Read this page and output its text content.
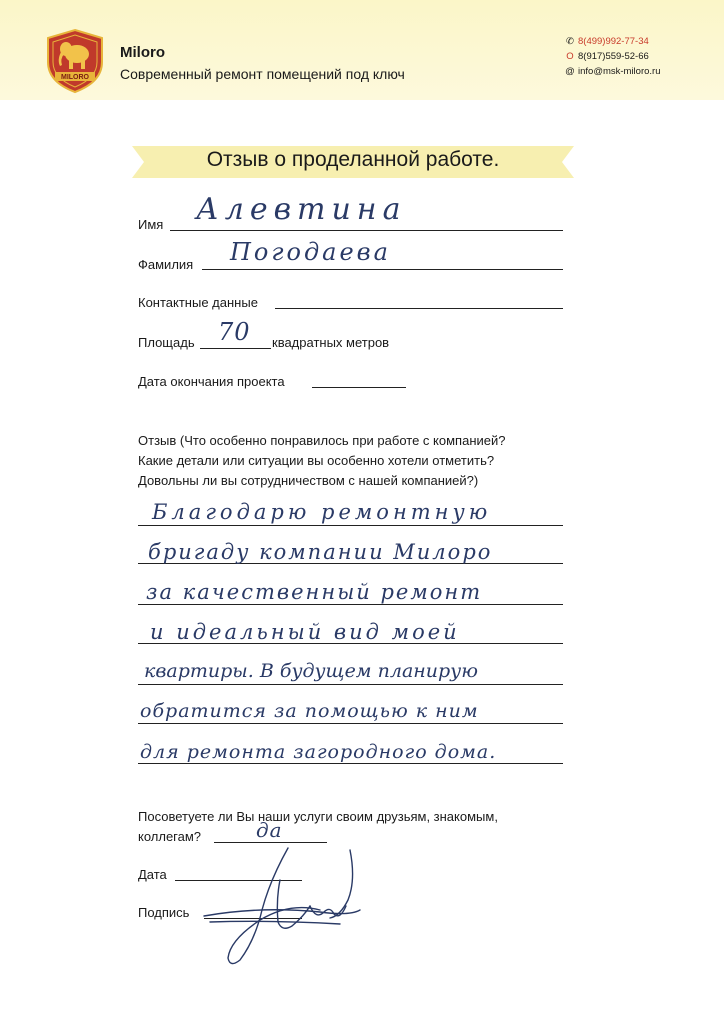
MILORO
Miloro
Современный ремонт помещений под ключ
✆ 8(499)992-77-34
O 8(917)559-52-66
@ info@msk-miloro.ru
Отзыв о проделанной работе.
Имя Алевтина
Фамилия Погодаева
Контактные данные
Площадь 70 квадратных метров
Дата окончания проекта
Отзыв (Что особенно понравилось при работе с компанией?
Какие детали или ситуации вы особенно хотели отметить?
Довольны ли вы сотрудничеством с нашей компанией?)
Благодарю ремонтную
бригаду компании Милоро
за качественный ремонт
и идеальный вид моей
квартиры. В будущем планирую
обратится за помощью к ним
для ремонта загородного дома.
Посоветуете ли Вы наши услуги своим друзьям, знакомым,
коллегам?	да
Дата
Подпись
